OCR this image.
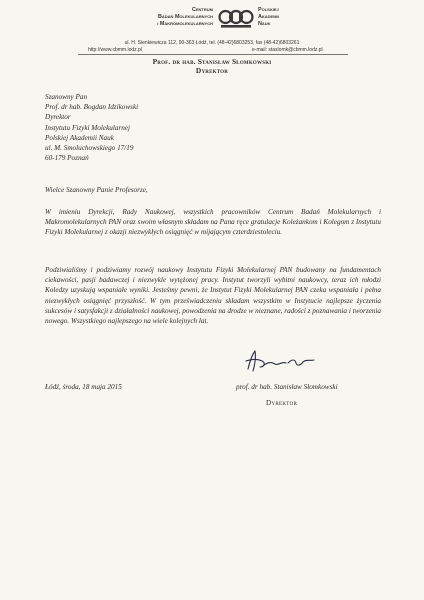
Centrum
Badań Molekularnych
i Makromolekularnych
Polskiej
Akademii
Nauk
ul. H. Sienkiewicza 112, 90-363 Łódź, tel. (48-42)6803253, fax (48-42)6803261
http://www.cbmm.lodz.pl	e-mail: staslomk@cbmm.lodz.pl
Prof. dr hab. Stanisław Słomkowski
Dyrektor
Szanowny Pan
Prof. dr hab. Bogdan Idzikowski
Dyrektor
Instytutu Fizyki Molekularnej
Polskiej Akademii Nauk
ul. M. Smoluchowskiego 17/19
60-179 Poznań
Wielce Szanowny Panie Profesorze,
W imieniu Dyrekcji, Rady Naukowej, wszystkich pracowników Centrum Badań Molekularnych i Makromolekularnych PAN oraz swoim własnym składam na Pana ręce gratulacje Koleżankom i Kolegom z Instytutu Fizyki Molekularnej z okazji niezwykłych osiągnięć w mijającym czterdziestoleciu.
Podziwialiśmy i podziwiamy rozwój naukowy Instytutu Fizyki Molekularnej PAN budowany na fundamentach ciekawości, pasji badawczej i niezwykle wytężonej pracy. Instytut tworzyli wybitni naukowcy, teraz ich młodzi Koledzy uzyskują wspaniałe wyniki. Jesteśmy pewni, że Instytut Fizyki Molekularnej PAN czeka wspaniała i pełna niezwykłych osiągnięć przyszłość. W tym przeświadczeniu składam wszystkim w Instytucie najlepsze życzenia sukcesów i satysfakcji z działalności naukowej, powodzenia na drodze w nieznane, radości z poznawania i tworzenia nowego. Wszystkiego najlepszego na wiele kolejnych lat.
Łódź, środa, 18 maja 2015	prof. dr hab. Stanisław Słomkowski
Dyrektor
